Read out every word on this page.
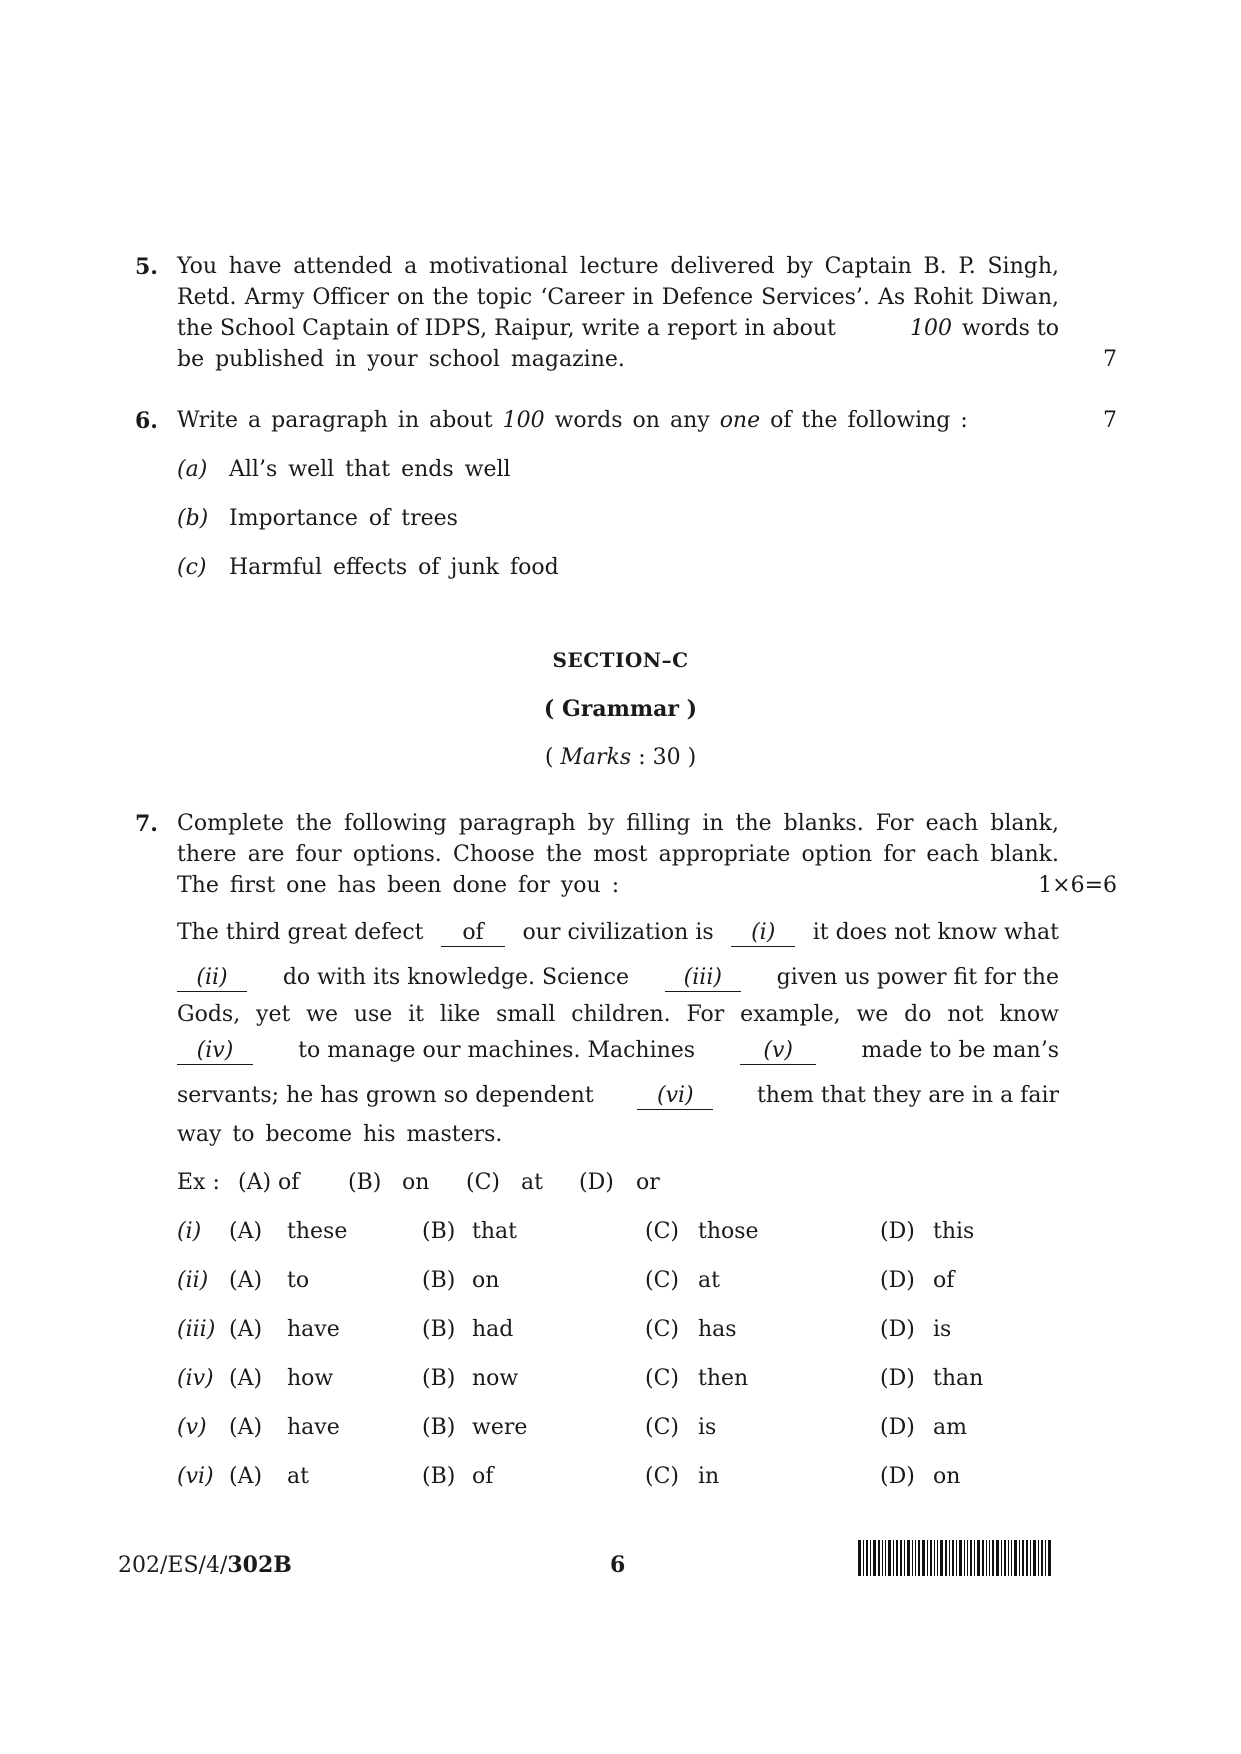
5. You have attended a motivational lecture delivered by Captain B. P. Singh,
Retd. Army Officer on the topic ‘Career in Defence Services’. As Rohit Diwan,
the School Captain of IDPS, Raipur, write a report in about	100 words to
be published in your school magazine.	7
6. Write a paragraph in about 100 words on any one of the following :	7
(a) All’s well that ends well
(b) Importance of trees
(c) Harmful effects of junk food
SECTION–C
( Grammar )
( Marks : 30 )
7. Complete the following paragraph by filling in the blanks. For each blank,
there are four options. Choose the most appropriate option for each blank.
The first one has been done for you :	1×6=6
The third great defect	of	our civilization is	(i)	it does not know what
(ii)	do with its knowledge. Science	(iii)	given us power fit for the
Gods, yet we use it like small children. For example, we do not know
(iv)	to manage our machines. Machines	(v)	made to be man’s
servants; he has grown so dependent	(vi)	them that they are in a fair
way to become his masters.
Ex : (A) of (B) on (C) at (D) or
(i) (A) these	(B) that	(C) those	(D) this
(ii) (A) to	(B) on	(C) at	(D) of
(iii) (A) have	(B) had	(C) has	(D) is
(iv) (A) how	(B) now	(C) then	(D) than
(v) (A) have	(B) were	(C) is	(D) am
(vi) (A) at	(B) of	(C) in	(D) on
202/ES/4/302B	6
